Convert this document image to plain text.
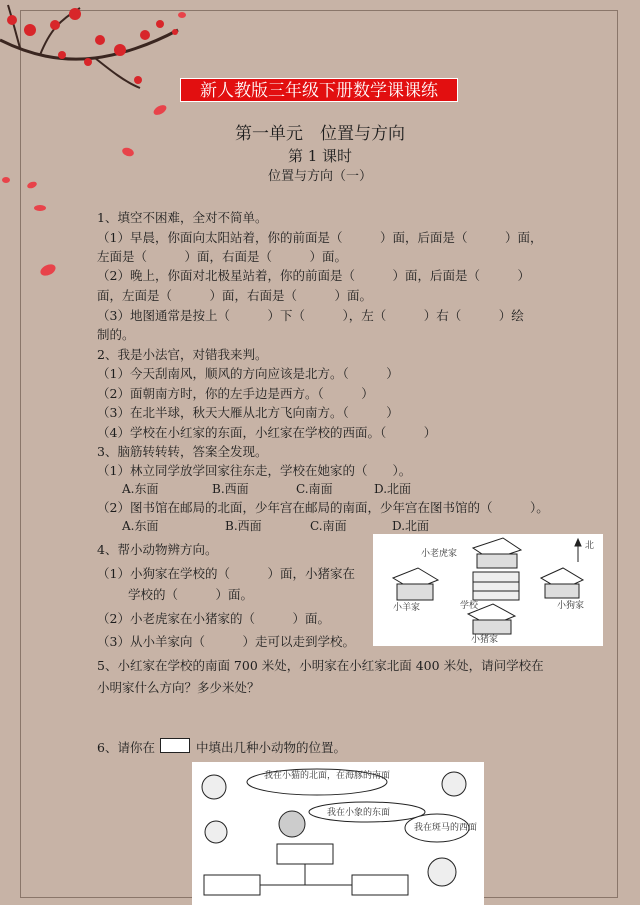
新人教版三年级下册数学课课练
第一单元　位置与方向
第 1 课时
位置与方向（一）
1、填空不困难，全对不简单。
（1）早晨，你面向太阳站着，你的前面是（　　　）面，后面是（　　　）面，
左面是（　　　）面，右面是（　　　）面。
（2）晚上，你面对北极星站着，你的前面是（　　　）面，后面是（　　　）
面，左面是（　　　）面，右面是（　　　）面。
（3）地图通常是按上（　　　）下（　　　），左（　　　）右（　　　）绘
制的。
2、我是小法官，对错我来判。
（1）今天刮南风，顺风的方向应该是北方。（　　　）
（2）面朝南方时，你的左手边是西方。（　　　）
（3）在北半球，秋天大雁从北方飞向南方。（　　　）
（4）学校在小红家的东面，小红家在学校的西面。（　　　）
3、脑筋转转转，答案全发现。
（1）林立同学放学回家往东走，学校在她家的（　　）。
（2）图书馆在邮局的北面，少年宫在邮局的南面，少年宫在图书馆的（　　　）。
4、帮小动物辨方向。
（1）小狗家在学校的（　　　）面，小猪家在
学校的（　　　）面。
（2）小老虎家在小猪家的（　　　）面。
（3）从小羊家向（　　　）走可以走到学校。
5、小红家在学校的南面 700 米处，小明家在小红家北面 400 米处，请问学校在
小明家什么方向？多少米处？
6、请你在	中填出几种小动物的位置。
A.东面	B.西面	C.南面	D.北面
A.东面	B.西面	C.南面	D.北面
小老虎家
北
小羊家	学校	小狗家
小猪家
我在小猫的北面，在海豚的南面
我在小象的东面
我在斑马的西面
